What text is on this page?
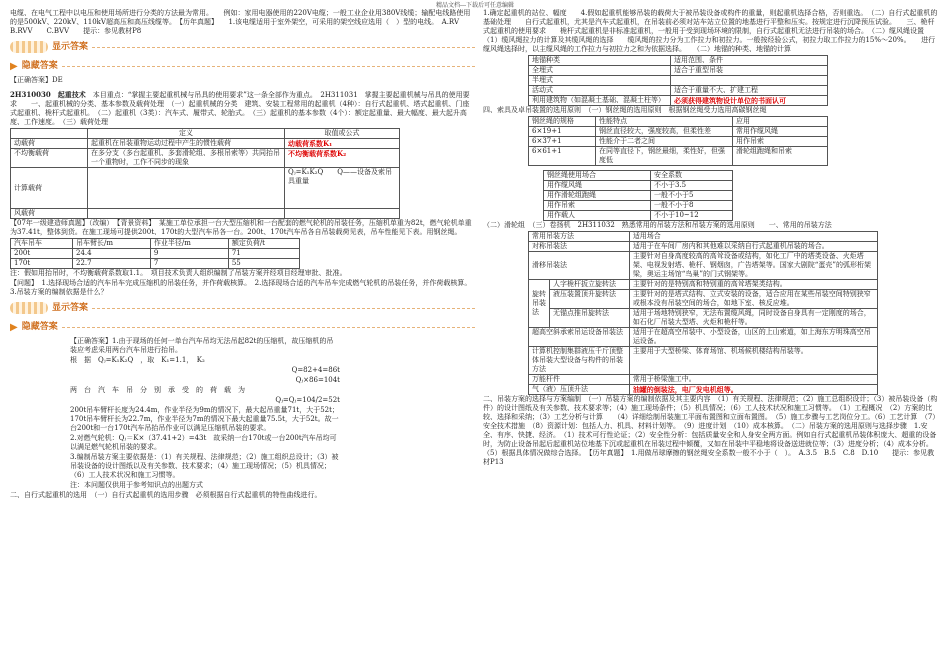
精品文档---下载后可任意编辑

电缆、在电气工程中以电压和使用场所进行分类的方法最为常用。　　例如：家用电器使用的220V电缆；一般工业企业用380V线缆；输配电线路使用的是500kV、220kV、110kV超高压和高压线缆等。　【历年真题】　　1.该电缆适用于室外架空，可采用的架空线应选用（　）型的电线。　A.RV　　B.RVV　　C.BVV　　提示：参见教材P8

显示答案
▶ 隐藏答案

【正确答案】DE

2H310030　起重技术　 本目重点：“掌握主要起重机械与吊具的使用要求”这一条全部作为重点。　2H311031　掌握主要起重机械与吊具的使用要求　　一、起重机械的分类、基本参数及载荷处理　（一）起重机械的分类　建筑、安装工程常用的起重机（4种）：自行式起重机、塔式起重机、门座式起重机、桅杆式起重机。　（二）起重机（3类）：汽车式、履带式、轮胎式。　（三）起重机的基本参数（4个）：额定起重量、最大幅度、最大起升高度、工作速度。　（三）载荷处理

	定义	取值或公式
动载荷	起重机在吊装重物运动过程中产生的惯性载荷	动载荷系数K₁
不均衡载荷	在多分支（多台起重机、多套滑轮组、多根吊索等）共同抬吊一个重物时，工作不同步的现象	不均衡载荷系数K₂
计算载荷		Qⱼ=K₁K₂Q　　Q——设备及索吊具重量
风载荷		

【07年一级建造师真题】（改编）　【背景资料】　某施工单位承担一台大型压缩机和一台配套的燃气轮机的吊装任务，压缩机单重为82t，燃气轮机单重为37.41t，整体到货。在施工现场可提供200t、170t的大型汽车吊各一台。200t、170t汽车吊各自吊装载荷见表，吊车性能见下表。用钢丝绳。

汽车吊车	吊车臂长/m	作业半径/m	额定负荷/t
200t	24.4	9	71
170t	22.7	7	55

注：假如用抬吊时，不均衡载荷系数取1.1。　项目技术负责人组织编制了吊装方案并经项目经理审批、批准。

【问题】　1.选择现场合适的汽车吊车完成压缩机的吊装任务，并作荷载核算。　2.选择现场合适的汽车吊车完成燃气轮机的吊装任务，并作荷载核算。　3.吊装方案的编制依据是什么？

显示答案
▶ 隐藏答案

【正确答案】1.由于现场的任何一单台汽车吊均无法吊起82t的压缩机，故压缩机的吊装应考虑采用两台汽车吊进行抬吊。

根　据　Qⱼ=K₁K₂Q　，取　K₁=1.1，　K₂

Q=82+4=86t

Qⱼ×86=104t

两台汽车吊分别承受的荷载为

Qⱼ=Qⱼ=104/2=52t

200t吊车臂杆长度为24.4m，作业半径为9m的情况下，最大起吊重量71t，大于52t；170t吊车臂杆长为22.7m，作业半径为7m的情况下最大起重量75.5t，大于52t。故一台200t和一台170t汽车吊抬吊作业可以满足压缩机吊装的要求。

2.对燃气轮机：Qⱼ＝K×（37.41+2）=43t　故采纳一台170t或一台200t汽车吊均可以满足燃气轮机吊装的要求。

3.编制吊装方案主要依据是：（1）有关规程、法律规范；（2）施工组织总设计；（3）被吊装设备的设计图纸以及有关参数、技术要求；（4）施工现场情况；（5）机具情况；（6）工人技术状况和施工习惯等。

注：本问题仅供用于参考知识点的出题方式

二、自行式起重机的选用　（一）自行式起重机的选用步骤　必须根据自行式起重机的特性曲线进行。

1.确定起重机的站位、幅度　　4.假如起重机能够吊装的载荷大于被吊装设备或构件的重量，则起重机选择合格，否则重选。　（二）自行式起重机的基础处理　　自行式起重机，尤其是汽车式起重机，在吊装前必须对站车站立位置的地基进行平整和压实。按规定进行沉降预压试验。　　三、桅杆式起重机的使用要求　　桅杆式起重机是非标准起重机，一般用于受到现场环境的限制，自行式起重机无法进行吊装的场合。　（二）缆风绳设置　（1）缆风绳拉力的计算及其缆风绳的选择　　缆风绳的拉力分为工作拉力和初拉力。一般按经验公式，初拉力取工作拉力的15%～20%。　　进行缆风绳选择时，以主缆风绳的工作拉力与初拉力之和为依据选择。　　（二）地锚的种类、地锚的计算

地锚种类	适用范围、条件
全埋式	适合于重型吊装
半埋式	
活动式	适合于重量不大、扩建工程
利用建筑物（如混凝土基础、混凝土柱等）	必须获得建筑物设计单位的书面认可

四、索具及卓吊装置的选用原则　（一）钢丝绳的选用原则　根据钢丝绳受力选用高碳钢丝绳

钢丝绳的规格	性能特点	应用
6×19+1	钢丝直径较大，强度较高，但柔性差	常用作缆风绳
6×37+1	性能介于二者之间	用作吊索
6×61+1	在同等直径下，钢丝最细，柔性好，但强度低	滑轮组跑绳和吊索
钢丝绳使用场合	安全系数
用作缆风绳	不小于3.5
用作滑轮组跑绳	一般不小于5
用作吊索	一般不小于8
用作载人	不小于10~12

（二）滑轮组　（三）卷扬机　2H311032　熟悉常用的吊装方法和吊装方案的选用原则　　一、常用的吊装方法

常用吊装方法		适用场合
对称吊装法		适用于在车间厂房内和其他难以采纳自行式起重机吊装的场合。
滑移吊装法		主要针对自身高度较高的高耸设备或结构，如化工厂中的塔类设备、火炬塔架、电视发射塔、桅杆、钢烟囱，广告塔架等。国家大剧院“蛋壳”的弧形桁架梁，奥运主场馆“鸟巢”的门式钢架等。
旋转吊装法	人字桅杆扳立旋转法	主要针对的是特别高和特别重的高耸塔架类结构。
	液压装置顶升旋转法	主要针对的是塔式结构、立式安装的设备，适合应用在某些吊装空间特别狭窄或根本没有吊装空间的场合，如地下室、核反应堆。
	无锚点推吊旋转法	适用于场地特别狭窄，无法布置缆风绳，同时设备自身具有一定刚度的场合，如石化厂吊装大型塔、火炬和桅杆等。
超高空斜承索吊运设备吊装法		适用于在超高空吊装中、小型设备，山区的上山索道，如上海东方明珠高空吊运设备。
计算机控制集群液压千斤顶整体吊装大型设备与构件的吊装方法		主要用于大型桥梁、体育场馆、机场候机楼结构吊装等。
万能杆件		常用于桥梁施工中。
气（液）压顶升法		油罐的倒装法，电厂发电机组等。

二、吊装方案的选择与方案编制　（一）吊装方案的编制依据及其主要内容　（1）有关规程、法律规范；（2）施工总组织设计；（3）被吊装设备（构件）的设计图纸及有关参数、技术要求等；（4）施工现场条件；（5）机具情况；（6）工人技术状况和施工习惯等。　（1）工程概况　（2）方案的比较、选择和采纳；（3）工艺分析与计算　　（4）详细绘制吊装施工平面布置图和立面布置图。　（5）施工步骤与工艺岗位分工。（6）工艺计算　（7）安全技术措施　（8）资源计划：包括人力、机具、材料计划等。　（9）进度计划　（10）成本核算。　（二）吊装方案的选用原则与选择步骤　1.安全、有序、快捷、经济。　（1）技术可行性论证；（2）安全性分析：包括质量安全和人身安全两方面。例如自行式起重机吊装体积庞大、超重的设备时，为防止设备吊起后起重机站位地基下沉或起重机在吊装过程中倾覆，又如在吊装中平稳地将设备送进就位等；（3）进度分析；（4）成本分析。（5）根据具体情况做综合选择。　【历年真题】　1.用做吊球摩擦的钢丝绳安全系数一般不小于（　）。　A.3.5　B.5　C.8　D.10　　提示：参见教材P13
